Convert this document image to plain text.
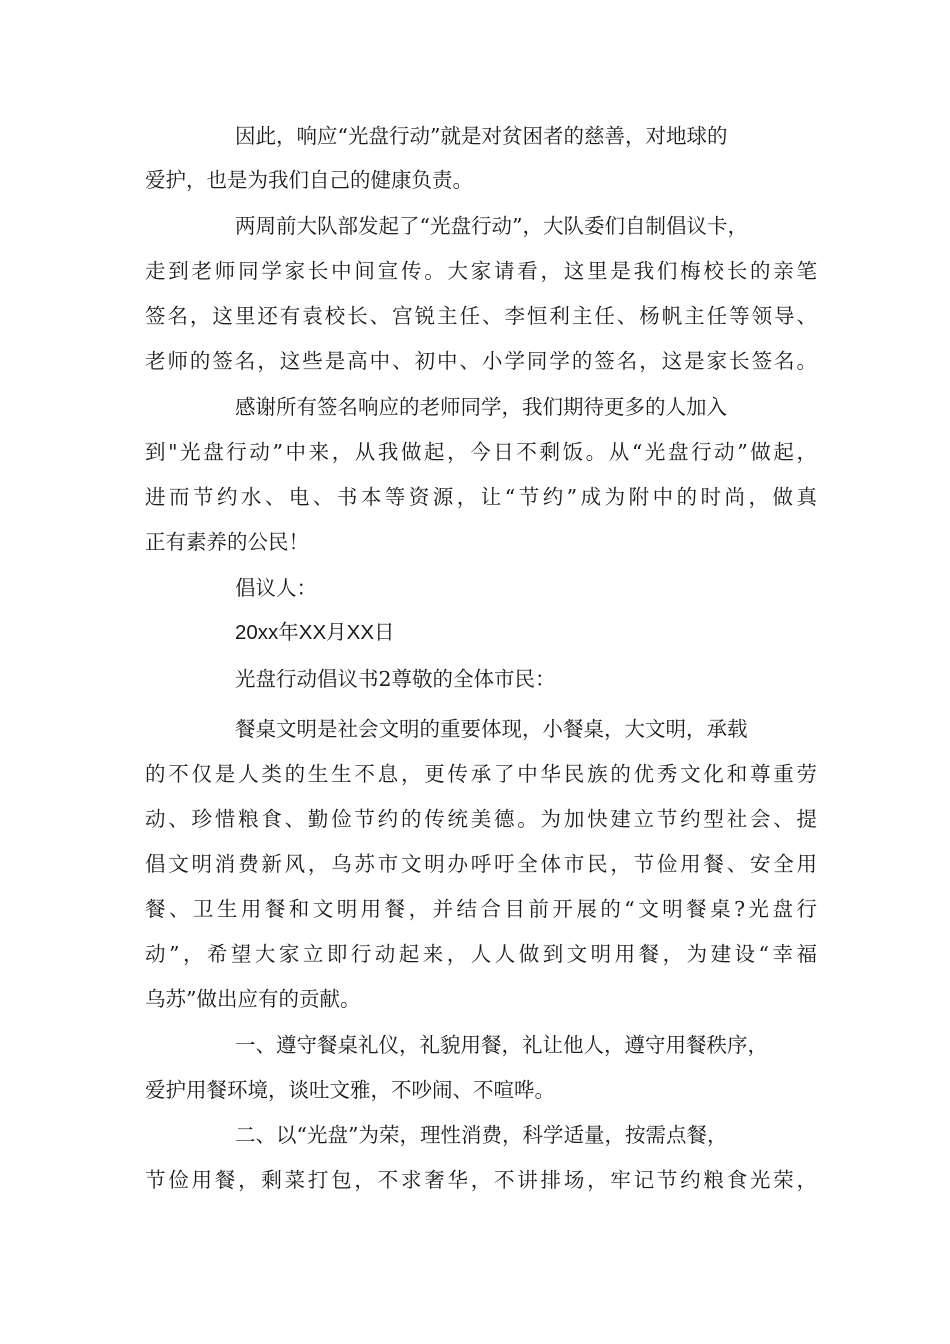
因此，响应“光盘行动”就是对贫困者的慈善，对地球的
爱护，也是为我们自己的健康负责。
两周前大队部发起了“光盘行动”，大队委们自制倡议卡，
走到老师同学家长中间宣传。大家请看，这里是我们梅校长的亲笔
签名，这里还有袁校长、宫锐主任、李恒利主任、杨帆主任等领导、
老师的签名，这些是高中、初中、小学同学的签名，这是家长签名。
感谢所有签名响应的老师同学，我们期待更多的人加入
到"光盘行动”中来，从我做起，今日不剩饭。从“光盘行动”做起，
进而节约水、电、书本等资源，让“节约”成为附中的时尚，做真
正有素养的公民！
倡议人：
20xx年XX月XX日
光盘行动倡议书2尊敬的全体市民：
餐桌文明是社会文明的重要体现，小餐桌，大文明，承载
的不仅是人类的生生不息，更传承了中华民族的优秀文化和尊重劳
动、珍惜粮食、勤俭节约的传统美德。为加快建立节约型社会、提
倡文明消费新风，乌苏市文明办呼吁全体市民，节俭用餐、安全用
餐、卫生用餐和文明用餐，并结合目前开展的“文明餐桌?光盘行
动”，希望大家立即行动起来，人人做到文明用餐，为建设“幸福
乌苏”做出应有的贡献。
一、遵守餐桌礼仪，礼貌用餐，礼让他人，遵守用餐秩序，
爱护用餐环境，谈吐文雅，不吵闹、不喧哗。
二、以“光盘”为荣，理性消费，科学适量，按需点餐，
节俭用餐，剩菜打包，不求奢华，不讲排场，牢记节约粮食光荣，
